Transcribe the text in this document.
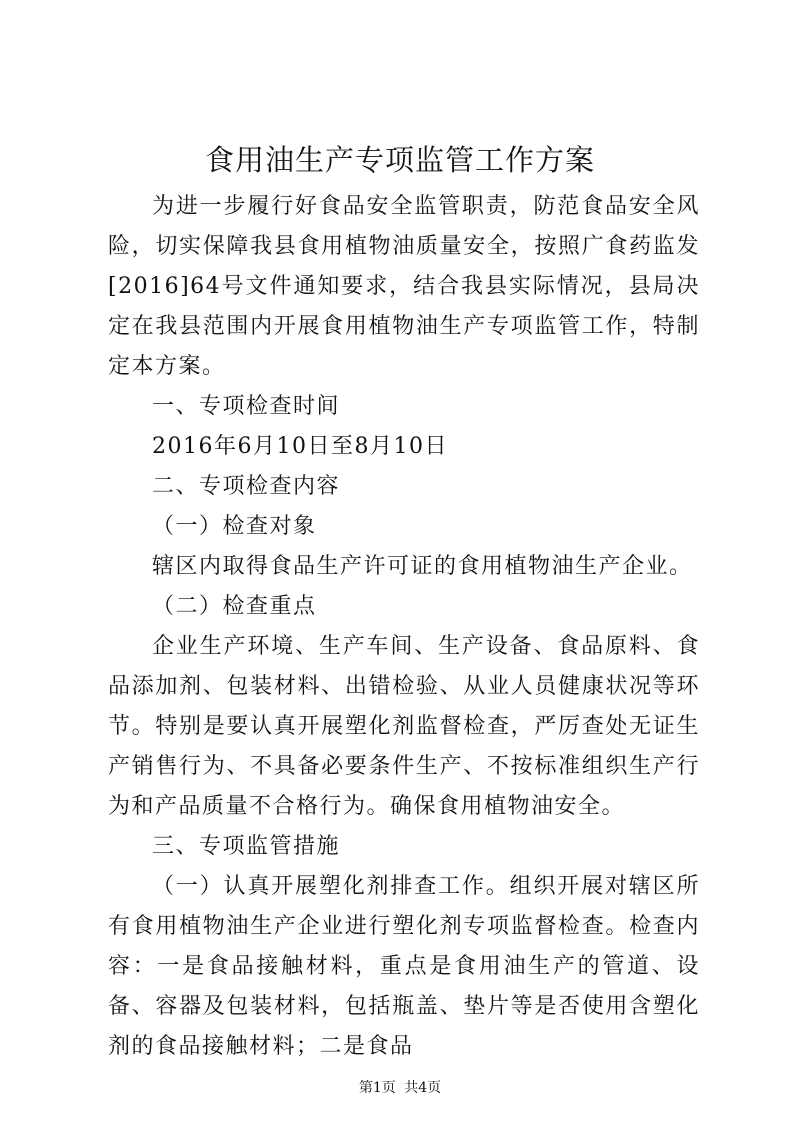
食用油生产专项监管工作方案

为进一步履行好食品安全监管职责，防范食品安全风险，切实保障我县食用植物油质量安全，按照广食药监发[2016]64号文件通知要求，结合我县实际情况，县局决定在我县范围内开展食用植物油生产专项监管工作，特制定本方案。

一、专项检查时间

2016年6月10日至8月10日

二、专项检查内容

（一）检查对象

辖区内取得食品生产许可证的食用植物油生产企业。

（二）检查重点

企业生产环境、生产车间、生产设备、食品原料、食品添加剂、包装材料、出错检验、从业人员健康状况等环节。特别是要认真开展塑化剂监督检查，严厉查处无证生产销售行为、不具备必要条件生产、不按标准组织生产行为和产品质量不合格行为。确保食用植物油安全。

三、专项监管措施

（一）认真开展塑化剂排查工作。组织开展对辖区所有食用植物油生产企业进行塑化剂专项监督检查。检查内容：一是食品接触材料，重点是食用油生产的管道、设备、容器及包装材料，包括瓶盖、垫片等是否使用含塑化剂的食品接触材料；二是食品

第1页 共4页
